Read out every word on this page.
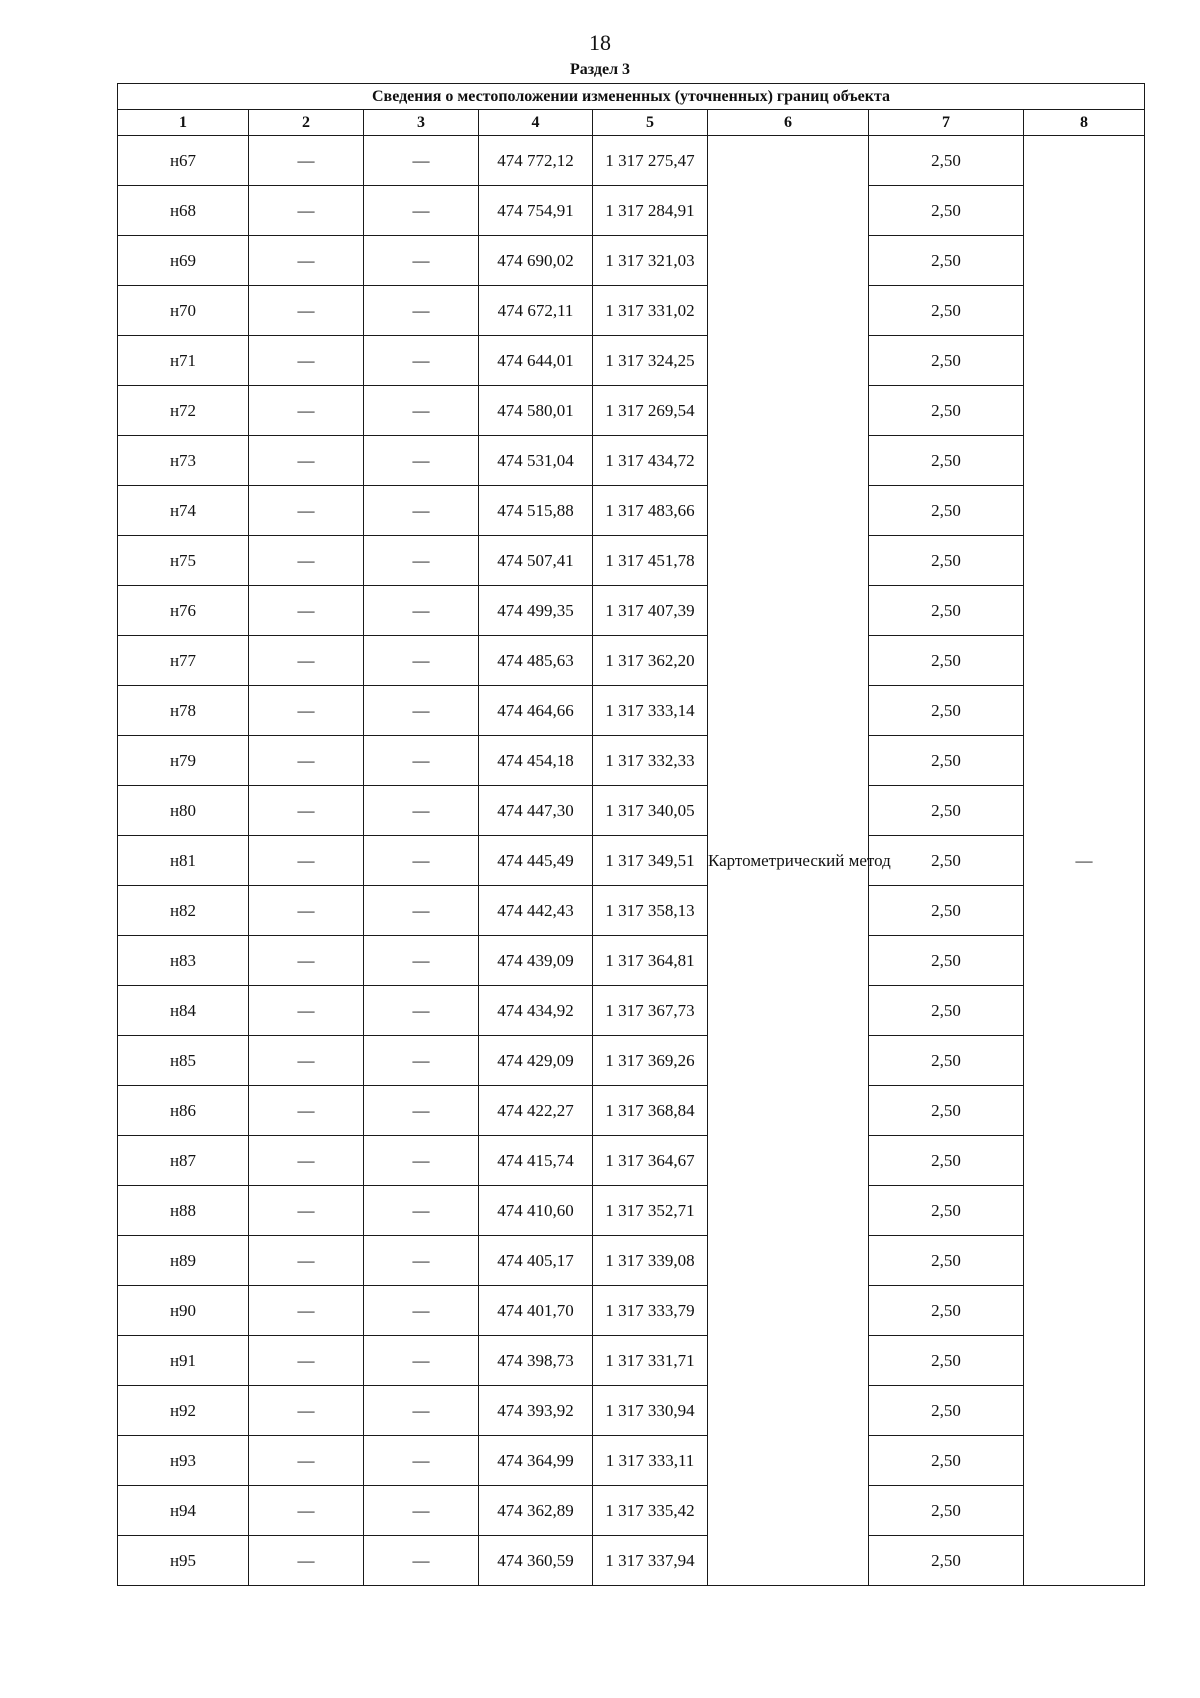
18
Раздел 3
Сведения о местоположении измененных (уточненных) границ объекта							
1	2	3	4	5	6	7	8
н67	—	—	474 772,12	1 317 275,47	Картометрический метод	2,50	—
н68	—	—	474 754,91	1 317 284,91		2,50	
н69	—	—	474 690,02	1 317 321,03		2,50	
н70	—	—	474 672,11	1 317 331,02		2,50	
н71	—	—	474 644,01	1 317 324,25		2,50	
н72	—	—	474 580,01	1 317 269,54		2,50	
н73	—	—	474 531,04	1 317 434,72		2,50	
н74	—	—	474 515,88	1 317 483,66		2,50	
н75	—	—	474 507,41	1 317 451,78		2,50	
н76	—	—	474 499,35	1 317 407,39		2,50	
н77	—	—	474 485,63	1 317 362,20		2,50	
н78	—	—	474 464,66	1 317 333,14		2,50	
н79	—	—	474 454,18	1 317 332,33		2,50	
н80	—	—	474 447,30	1 317 340,05		2,50	
н81	—	—	474 445,49	1 317 349,51		2,50	
н82	—	—	474 442,43	1 317 358,13		2,50	
н83	—	—	474 439,09	1 317 364,81		2,50	
н84	—	—	474 434,92	1 317 367,73		2,50	
н85	—	—	474 429,09	1 317 369,26		2,50	
н86	—	—	474 422,27	1 317 368,84		2,50	
н87	—	—	474 415,74	1 317 364,67		2,50	
н88	—	—	474 410,60	1 317 352,71		2,50	
н89	—	—	474 405,17	1 317 339,08		2,50	
н90	—	—	474 401,70	1 317 333,79		2,50	
н91	—	—	474 398,73	1 317 331,71		2,50	
н92	—	—	474 393,92	1 317 330,94		2,50	
н93	—	—	474 364,99	1 317 333,11		2,50	
н94	—	—	474 362,89	1 317 335,42		2,50	
н95	—	—	474 360,59	1 317 337,94		2,50	
